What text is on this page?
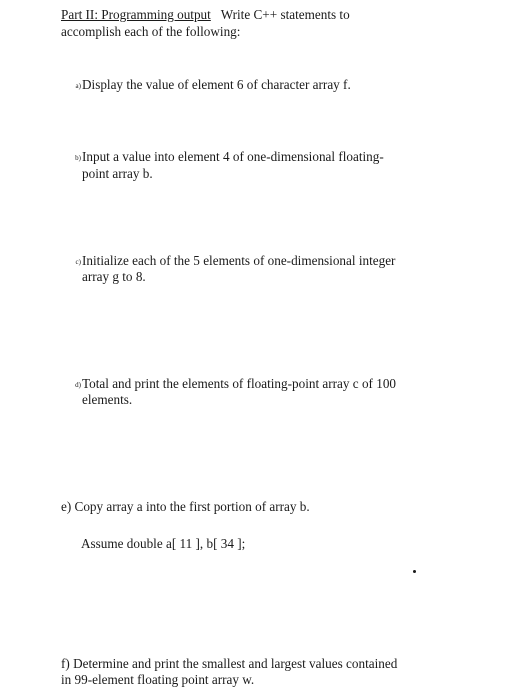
Part II: Programming output Write C++ statements to
accomplish each of the following:
a)Display the value of element 6 of character array f.
b)Input a value into element 4 of one-dimensional floating-
point array b.
c)Initialize each of the 5 elements of one-dimensional integer
array g to 8.
d)Total and print the elements of floating-point array c of 100
elements.
e) Copy array a into the first portion of array b.
Assume double a[ 11 ], b[ 34 ];
f) Determine and print the smallest and largest values contained
in 99-element floating point array w.
